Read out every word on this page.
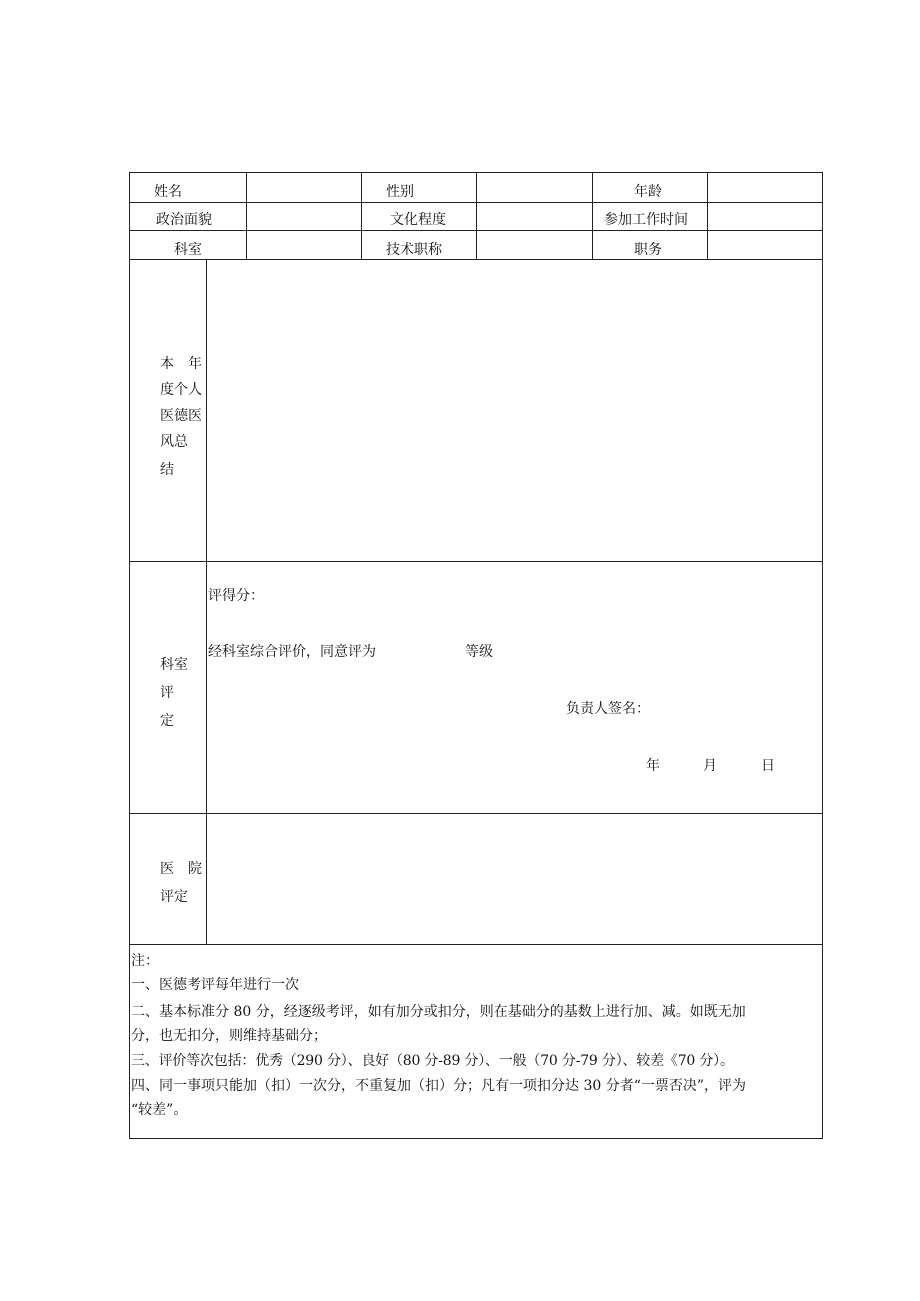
姓名	性别	年龄
政治面貌	文化程度	参加工作时间
科室	技术职称	职务
本　年
度个人
医德医
风总
结
科室
评
定
评得分：
经科室综合评价，同意评为	等级
负责人签名：
年	月	日
医　院
评定
注：
一、医德考评每年进行一次
二、基本标准分 80 分，经逐级考评，如有加分或扣分，则在基础分的基数上进行加、减。如既无加
分，也无扣分，则维持基础分；
三、评价等次包括：优秀（290 分）、良好（80 分-89 分）、一般（70 分-79 分）、较差《70 分）。
四、同一事项只能加（扣）一次分，不重复加（扣）分；凡有一项扣分达 30 分者“一票否决”，评为
“较差”。
